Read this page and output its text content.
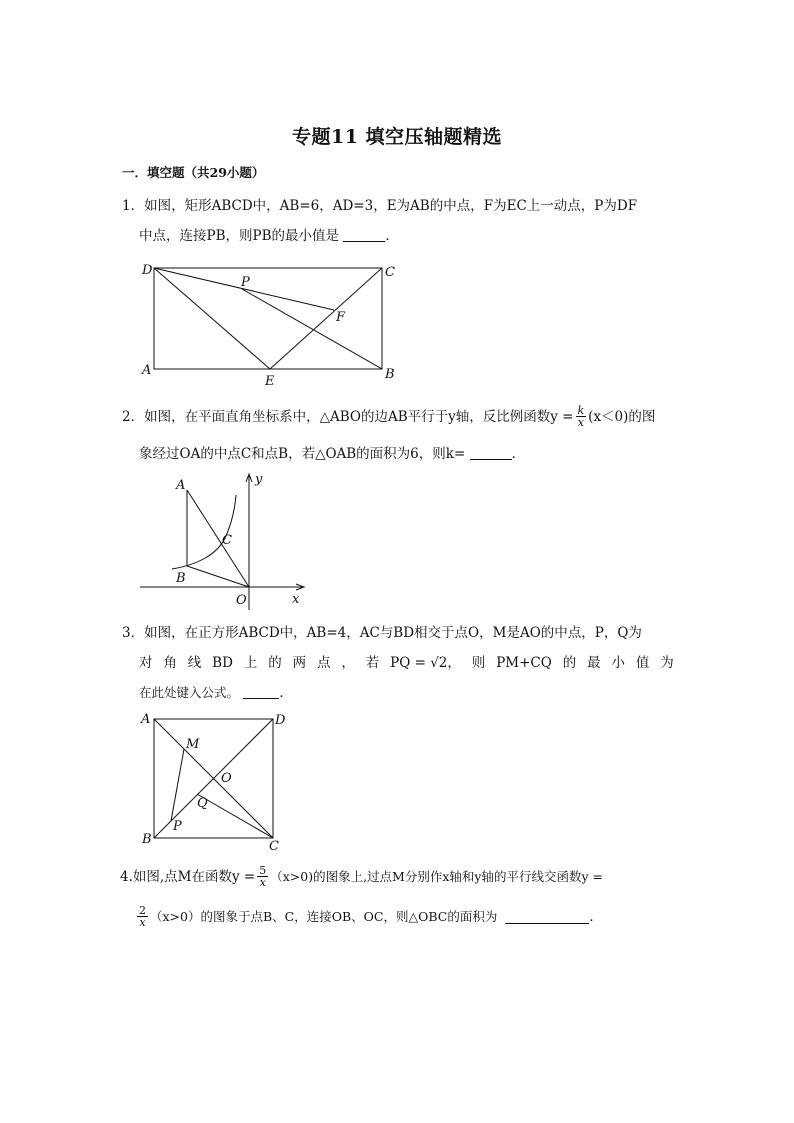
专题11 填空压轴题精选
一．填空题（共29小题）
1．如图，矩形ABCD中，AB=6，AD=3，E为AB的中点，F为EC上一动点，P为DF
中点，连接PB，则PB的最小值是	．
D	C
A	B
E
F
P
2．如图，在平面直角坐标系中，△ABO的边AB平行于y轴，反比例函数$y = \frac{k}{x} (x<0)$的图
象经过OA的中点C和点B，若△OAB的面积为6，则k=	．
A
B
C
O	x
y
3．如图，在正方形ABCD中，AB=4，AC与BD相交于点O，M是AO的中点，P，Q为
对 角 线 BD 上 的 两 点 ， 若 PQ = √2， 则 PM+CQ 的 最 小 值 为
在此处键入公式。	．
A	D
B	C
M
O
Q
P
4.如图,点M在函数$y = \frac{5}{x} (x>0)$的图象上,过点M分别作x轴和y轴的平行线交函数y =
$\frac{2}{x} (x>0)$的图象于点B、C，连接OB、OC，则△OBC的面积为	．
